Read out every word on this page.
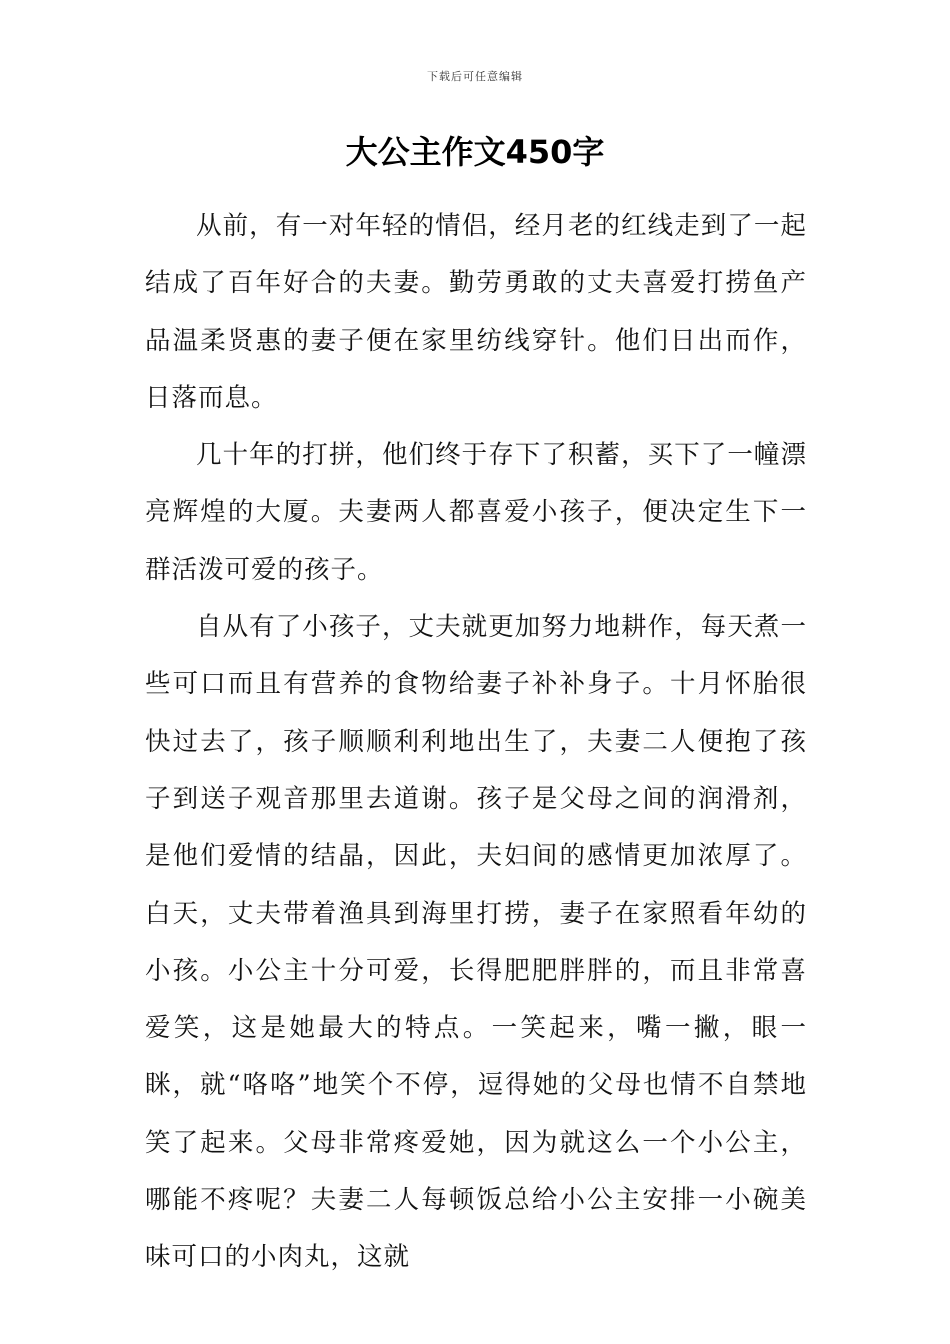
下载后可任意编辑
大公主作文450字

从前，有一对年轻的情侣，经月老的红线走到了一起结成了百年好合的夫妻。勤劳勇敢的丈夫喜爱打捞鱼产品温柔贤惠的妻子便在家里纺线穿针。他们日出而作，日落而息。

几十年的打拼，他们终于存下了积蓄，买下了一幢漂亮辉煌的大厦。夫妻两人都喜爱小孩子，便决定生下一群活泼可爱的孩子。

自从有了小孩子，丈夫就更加努力地耕作，每天煮一些可口而且有营养的食物给妻子补补身子。十月怀胎很快过去了，孩子顺顺利利地出生了，夫妻二人便抱了孩子到送子观音那里去道谢。孩子是父母之间的润滑剂，是他们爱情的结晶，因此，夫妇间的感情更加浓厚了。白天，丈夫带着渔具到海里打捞，妻子在家照看年幼的小孩。小公主十分可爱，长得肥肥胖胖的，而且非常喜爱笑，这是她最大的特点。一笑起来，嘴一撇，眼一眯，就“咯咯”地笑个不停，逗得她的父母也情不自禁地笑了起来。父母非常疼爱她，因为就这么一个小公主，哪能不疼呢？夫妻二人每顿饭总给小公主安排一小碗美味可口的小肉丸，这就
